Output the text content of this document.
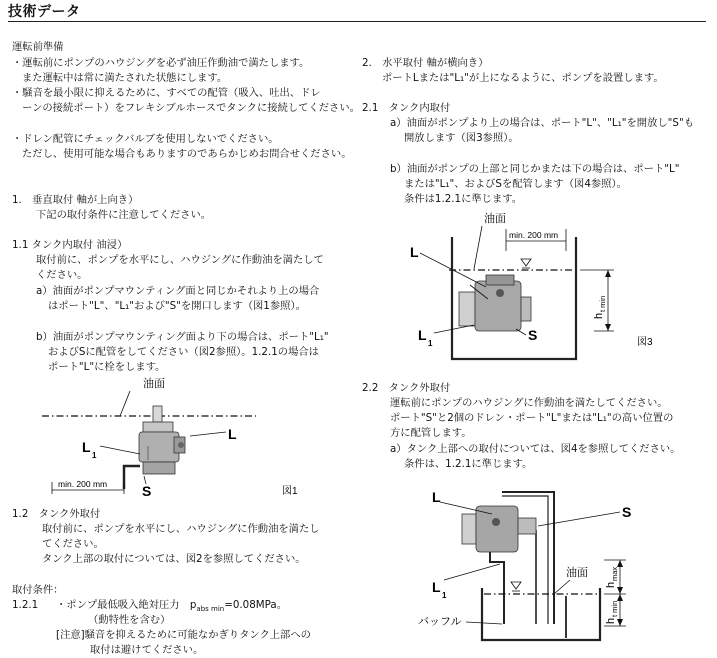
技術データ
運転前準備
・運転前にポンプのハウジングを必ず油圧作動油で満たします。
また運転中は常に満たされた状態にします。
・騒音を最小限に抑えるために、すべての配管（吸入、吐出、ドレ
ーンの接続ポート）をフレキシブルホースでタンクに接続してください。
・ドレン配管にチェックバルブを使用しないでください。
ただし、使用可能な場合もありますのであらかじめお問合せください。
1.　垂直取付 軸が上向き）
下記の取付条件に注意してください。
1.1 タンク内取付 油浸）
取付前に、ポンプを水平にし、ハウジングに作動油を満たして
ください。
a）油面がポンプマウンティング面と同じかそれより上の場合
はポート"L"、"L₁"および"S"を開口します（図1参照）。
b）油面がポンプマウンティング面より下の場合は、ポート"L₁"
およびSに配管をしてください（図2参照）。1.2.1の場合は
ポート"L"に栓をします。
油面
L
L
1
S
min. 200 mm
図1
1.2　タンク外取付
取付前に、ポンプを水平にし、ハウジングに作動油を満たし
てください。
タンク上部の取付については、図2を参照してください。
取付条件：
1.2.1 ・ポンプ最低吸入絶対圧力　$p_{abs min}=0.08MPa$。
（動特性を含む）
[注意]騒音を抑えるために可能なかぎりタンク上部への
取付は避けてください。
2.　水平取付 軸が横向き）
ポートLまたは"L₁"が上になるように、ポンプを設置します。
2.1　タンク内取付
a）油面がポンプより上の場合は、ポート"L"、"L₁"を開放し"S"も
開放します（図3参照）。
b）油面がポンプの上部と同じかまたは下の場合は、ポート"L"
または"L₁"、およびSを配管します（図4参照）。
条件は1.2.1に準じます。
油面
min. 200 mm
L
L
1
S
h
t min
図3
2.2　タンク外取付
運転前にポンプのハウジングに作動油を満たしてください。
ポート"S"と2個のドレン・ポート"L"または"L₁"の高い位置の
方に配管します。
a）タンク上部への取付については、図4を参照してください。
条件は、1.2.1に準じます。
L
S
L
1
油面
バッフル
h
max
h
t min
